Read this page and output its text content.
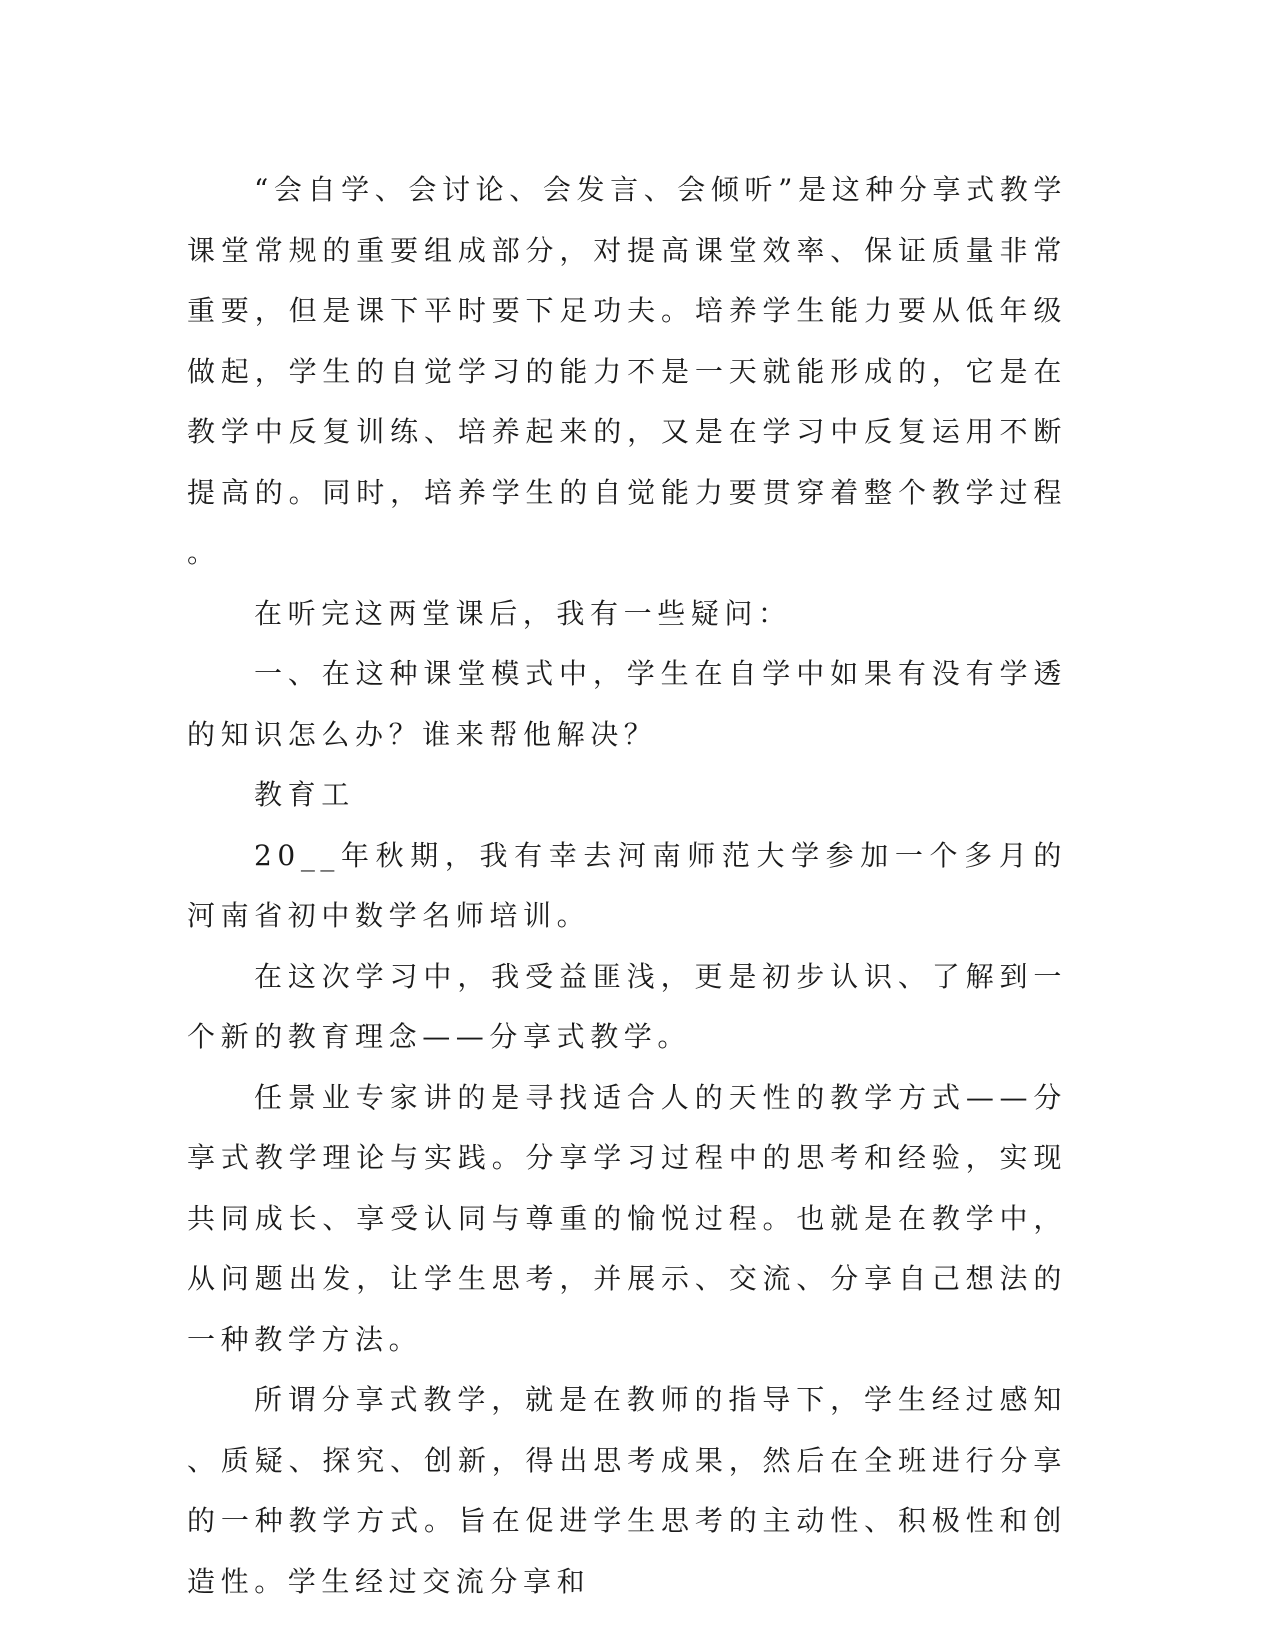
“会自学、会讨论、会发言、会倾听”是这种分享式教学课堂常规的重要组成部分，对提高课堂效率、保证质量非常重要，但是课下平时要下足功夫。培养学生能力要从低年级做起，学生的自觉学习的能力不是一天就能形成的，它是在教学中反复训练、培养起来的，又是在学习中反复运用不断提高的。同时，培养学生的自觉能力要贯穿着整个教学过程。

在听完这两堂课后，我有一些疑问：

一、在这种课堂模式中，学生在自学中如果有没有学透的知识怎么办？谁来帮他解决？

教育工

20__年秋期，我有幸去河南师范大学参加一个多月的河南省初中数学名师培训。

在这次学习中，我受益匪浅，更是初步认识、了解到一个新的教育理念——分享式教学。

任景业专家讲的是寻找适合人的天性的教学方式——分享式教学理论与实践。分享学习过程中的思考和经验，实现共同成长、享受认同与尊重的愉悦过程。也就是在教学中，从问题出发，让学生思考，并展示、交流、分享自己想法的一种教学方法。

所谓分享式教学，就是在教师的指导下，学生经过感知、质疑、探究、创新，得出思考成果，然后在全班进行分享的一种教学方式。旨在促进学生思考的主动性、积极性和创造性。学生经过交流分享和
